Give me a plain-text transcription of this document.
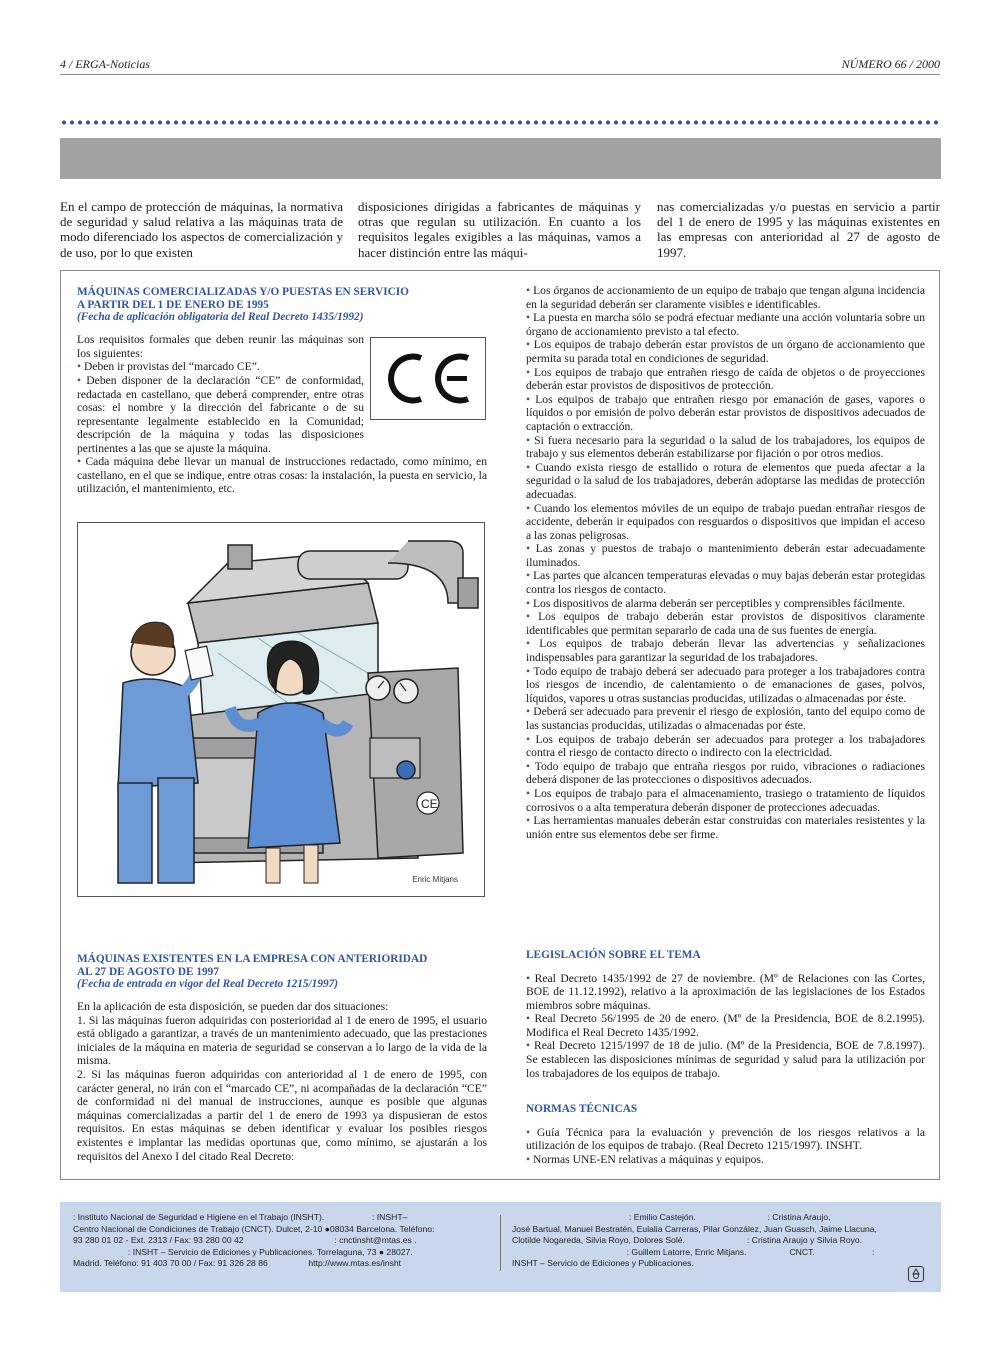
4 / ERGA-Noticias	NÚMERO 66 / 2000
En el campo de protección de máquinas, la normativa de seguridad y salud relativa a las máquinas trata de modo diferenciado los aspectos de comercialización y de uso, por lo que existen
disposiciones dirigidas a fabricantes de máquinas y otras que regulan su utilización. En cuanto a los requisitos legales exigibles a las máquinas, vamos a hacer distinción entre las máqui-
nas comercializadas y/o puestas en servicio a partir del 1 de enero de 1995 y las máquinas existentes en las empresas con anterioridad al 27 de agosto de 1997.
MÁQUINAS COMERCIALIZADAS Y/O PUESTAS EN SERVICIO
A PARTIR DEL 1 DE ENERO DE 1995
(Fecha de aplicación obligatoria del Real Decreto 1435/1992)

Los requisitos formales que deben reunir las máquinas son los siguientes:

• Deben ir provistas del “marcado CE”.

• Deben disponer de la declaración “CE” de conformidad, redactada en castellano, que deberá comprender, entre otras cosas: el nombre y la dirección del fabricante o de su representante legalmente establecido en la Comunidad; descripción de la máquina y todas las disposiciones pertinentes a las que se ajuste la máquina.

• Cada máquina debe llevar un manual de instrucciones redactado, como mínimo, en castellano, en el que se indique, entre otras cosas: la instalación, la puesta en servicio, la utilización, el mantenimiento, etc.

CE
Enric Mitjans
MÁQUINAS EXISTENTES EN LA EMPRESA CON ANTERIORIDAD
AL 27 DE AGOSTO DE 1997
(Fecha de entrada en vigor del Real Decreto 1215/1997)

En la aplicación de esta disposición, se pueden dar dos situaciones:

1. Si las máquinas fueron adquiridas con posterioridad al 1 de enero de 1995, el usuario está obligado a garantizar, a través de un mantenimiento adecuado, que las prestaciones iniciales de la máquina en materia de seguridad se conservan a lo largo de la vida de la misma.

2. Si las máquinas fueron adquiridas con anterioridad al 1 de enero de 1995, con carácter general, no irán con el “marcado CE”, ni acompañadas de la declaración “CE” de conformidad ni del manual de instrucciones, aunque es posible que algunas máquinas comercializadas a partir del 1 de enero de 1993 ya dispusieran de estos requisitos. En estas máquinas se deben identificar y evaluar los posibles riesgos existentes e implantar las medidas oportunas que, como mínimo, se ajustarán a los requisitos del Anexo I del citado Real Decreto:

• Los órganos de accionamiento de un equipo de trabajo que tengan alguna incidencia en la seguridad deberán ser claramente visibles e identificables.

• La puesta en marcha sólo se podrá efectuar mediante una acción voluntaria sobre un órgano de accionamiento previsto a tal efecto.

• Los equipos de trabajo deberán estar provistos de un órgano de accionamiento que permita su parada total en condiciones de seguridad.

• Los equipos de trabajo que entrañen riesgo de caída de objetos o de proyecciones deberán estar provistos de dispositivos de protección.

• Los equipos de trabajo que entrañen riesgo por emanación de gases, vapores o líquidos o por emisión de polvo deberán estar provistos de dispositivos adecuados de captación o extracción.

• Si fuera necesario para la seguridad o la salud de los trabajadores, los equipos de trabajo y sus elementos deberán estabilizarse por fijación o por otros medios.

• Cuando exista riesgo de estallido o rotura de elementos que pueda afectar a la seguridad o la salud de los trabajadores, deberán adoptarse las medidas de protección adecuadas.

• Cuando los elementos móviles de un equipo de trabajo puedan entrañar riesgos de accidente, deberán ir equipados con resguardos o dispositivos que impidan el acceso a las zonas peligrosas.

• Las zonas y puestos de trabajo o mantenimiento deberán estar adecuadamente iluminados.

• Las partes que alcancen temperaturas elevadas o muy bajas deberán estar protegidas contra los riesgos de contacto.

• Los dispositivos de alarma deberán ser perceptibles y comprensibles fácilmente.

• Los equipos de trabajo deberán estar provistos de dispositivos claramente identificables que permitan separarlo de cada una de sus fuentes de energía.

• Los equipos de trabajo deberán llevar las advertencias y señalizaciones indispensables para garantizar la seguridad de los trabajadores.

• Todo equipo de trabajo deberá ser adecuado para proteger a los trabajadores contra los riesgos de incendio, de calentamiento o de emanaciones de gases, polvos, líquidos, vapores u otras sustancias producidas, utilizadas o almacenadas por éste.

• Deberá ser adecuado para prevenir el riesgo de explosión, tanto del equipo como de las sustancias producidas, utilizadas o almacenadas por éste.

• Los equipos de trabajo deberán ser adecuados para proteger a los trabajadores contra el riesgo de contacto directo o indirecto con la electricidad.

• Todo equipo de trabajo que entraña riesgos por ruido, vibraciones o radiaciones deberá disponer de las protecciones o dispositivos adecuados.

• Los equipos de trabajo para el almacenamiento, trasiego o tratamiento de líquidos corrosivos o a alta temperatura deberán disponer de protecciones adecuadas.

• Las herramientas manuales deberán estar construidas con materiales resistentes y la unión entre sus elementos debe ser firme.

LEGISLACIÓN SOBRE EL TEMA

• Real Decreto 1435/1992 de 27 de noviembre. (Mº de Relaciones con las Cortes, BOE de 11.12.1992), relativo a la aproximación de las legislaciones de los Estados miembros sobre máquinas.

• Real Decreto 56/1995 de 20 de enero. (Mº de la Presidencia, BOE de 8.2.1995). Modifica el Real Decreto 1435/1992.

• Real Decreto 1215/1997 de 18 de julio. (Mº de la Presidencia, BOE de 7.8.1997). Se establecen las disposiciones mínimas de seguridad y salud para la utilización por los trabajadores de los equipos de trabajo.

NORMAS TÉCNICAS

• Guía Técnica para la evaluación y prevención de los riesgos relativos a la utilización de los equipos de trabajo. (Real Decreto 1215/1997). INSHT.

• Normas UNE-EN relativas a máquinas y equipos.

: Instituto Nacional de Seguridad e Higiene en el Trabajo (INSHT).                    : INSHT–

Centro Nacional de Condiciones de Trabajo (CNCT). Dulcet, 2-10 ●08034 Barcelona. Teléfono:

93 280 01 02 - Ext. 2313 / Fax: 93 280 00 42                                      : cnctinsht@mtas.es .

: INSHT – Servicio de Ediciones y Publicaciones. Torrelaguna, 73 ● 28027.

Madrid. Teléfono: 91 403 70 00 / Fax: 91 326 28 86                 http://www.mtas.es/insht

: Emilio Castejón.                              : Cristina Araujo,

José Bartual, Manuel Bestratén, Eulalia Carreras, Pilar González, Juan Guasch, Jaime Llacuna,

Clotilde Nogareda, Silvia Royo, Dolores Solé.                          : Cristina Araujo y Silvia Royo.

: Guillem Latorre, Enric Mitjans.                  CNCT.                        :

INSHT – Servicio de Ediciones y Publicaciones.
